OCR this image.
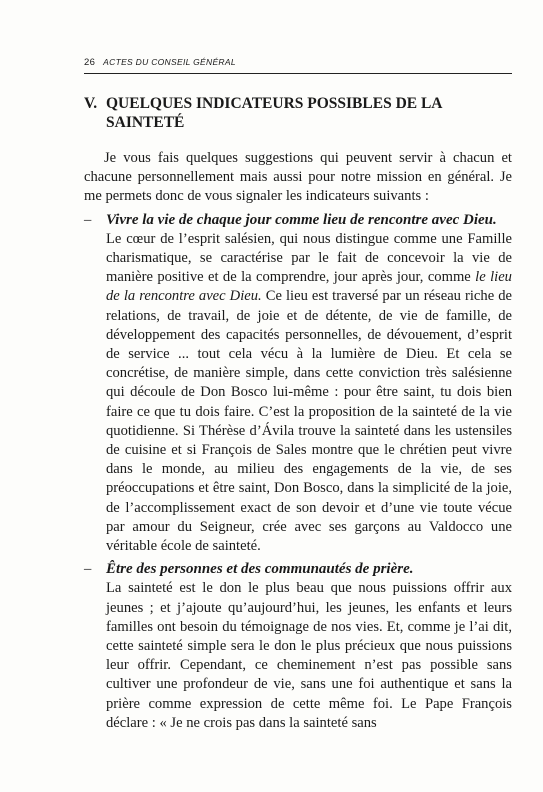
26 ACTES DU CONSEIL GÉNÉRAL
V. QUELQUES INDICATEURS POSSIBLES DE LA SAINTETÉ

Je vous fais quelques suggestions qui peuvent servir à chacun et chacune personnellement mais aussi pour notre mission en général. Je me permets donc de vous signaler les indicateurs suivants :

– Vivre la vie de chaque jour comme lieu de rencontre avec Dieu.

Le cœur de l’esprit salésien, qui nous distingue comme une Famille charismatique, se caractérise par le fait de concevoir la vie de manière positive et de la comprendre, jour après jour, comme le lieu de la rencontre avec Dieu. Ce lieu est traversé par un réseau riche de relations, de travail, de joie et de détente, de vie de famille, de développement des capacités personnelles, de dévouement, d’esprit de service ... tout cela vécu à la lumière de Dieu. Et cela se concrétise, de manière simple, dans cette conviction très salésienne qui découle de Don Bosco lui-même : pour être saint, tu dois bien faire ce que tu dois faire. C’est la proposition de la sainteté de la vie quotidienne. Si Thérèse d’Ávila trouve la sainteté dans les ustensiles de cuisine et si François de Sales montre que le chrétien peut vivre dans le monde, au milieu des engagements de la vie, de ses préoccupations et être saint, Don Bosco, dans la simplicité de la joie, de l’accomplissement exact de son devoir et d’une vie toute vécue par amour du Seigneur, crée avec ses garçons au Valdocco une véritable école de sainteté.

– Être des personnes et des communautés de prière.

La sainteté est le don le plus beau que nous puissions offrir aux jeunes ; et j’ajoute qu’aujourd’hui, les jeunes, les enfants et leurs familles ont besoin du témoignage de nos vies. Et, comme je l’ai dit, cette sainteté simple sera le don le plus précieux que nous puissions leur offrir. Cependant, ce cheminement n’est pas possible sans cultiver une profondeur de vie, sans une foi authentique et sans la prière comme expression de cette même foi. Le Pape François déclare : « Je ne crois pas dans la sainteté sans
